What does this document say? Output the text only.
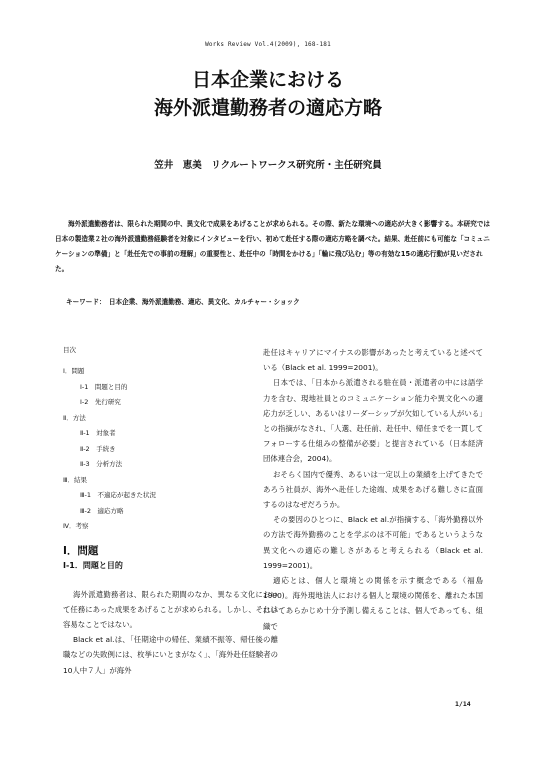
Works Review Vol.4(2009), 168-181
日本企業における
海外派遣勤務者の適応方略
笠井　恵美　リクルートワークス研究所・主任研究員

海外派遣勤務者は、限られた期間の中、異文化で成果をあげることが求められる。その際、新たな環境への適応が大きく影響する。本研究では日本の製造業２社の海外派遣勤務経験者を対象にインタビューを行い、初めて赴任する際の適応方略を調べた。結果、赴任前にも可能な「コミュニケーションの準備」と「赴任先での事前の理解」の重要性と、赴任中の「時間をかける」「輪に飛び込む」等の有効な15の適応行動が見いだされた。

キーワード：　日本企業、海外派遣勤務、適応、異文化、カルチャー・ショック
目次
Ⅰ．問題
Ⅰ-1　問題と目的
Ⅰ-2　先行研究
Ⅱ．方法
Ⅱ-1　対象者
Ⅱ-2　手続き
Ⅱ-3　分析方法
Ⅲ．結果
Ⅲ-1　不適応が起きた状況
Ⅲ-2　適応方略
Ⅳ．考察
Ⅰ．問題
Ⅰ-1．問題と目的

海外派遣勤務者は、限られた期間のなか、異なる文化において任務にあった成果をあげることが求められる。しかし、それは容易なことではない。

Black et al.は、「任期途中の帰任、業績不振等、帰任後の離職などの失敗例には、枚挙にいとまがなく」、「海外赴任経験者の10人中７人」が海外

赴任はキャリアにマイナスの影響があったと考えていると述べている（Black et al. 1999=2001)。

日本では、「日本から派遣される駐在員・派遣者の中には語学力を含む、現地社員とのコミュニケーション能力や異文化への適応力が乏しい、あるいはリーダーシップが欠如している人がいる」との指摘がなされ、「人選、赴任前、赴任中、帰任までを一貫してフォローする仕組みの整備が必要」と提言されている（日本経済団体連合会，2004)。

おそらく国内で優秀、あるいは一定以上の業績を上げてきたであろう社員が、海外へ赴任した途端、成果をあげる難しさに直面するのはなぜだろうか。

その要因のひとつに、Black et al.が指摘する、「海外勤務以外の方法で海外勤務のことを学ぶのは不可能」であるというような異文化への適応の難しさがあると考えられる（Black et al. 1999=2001)。

適応とは、個人と環境との関係を示す概念である（福島 1990)。海外現地法人における個人と環境の関係を、離れた本国にいてあらかじめ十分予測し備えることは、個人であっても、組織で

1/14
